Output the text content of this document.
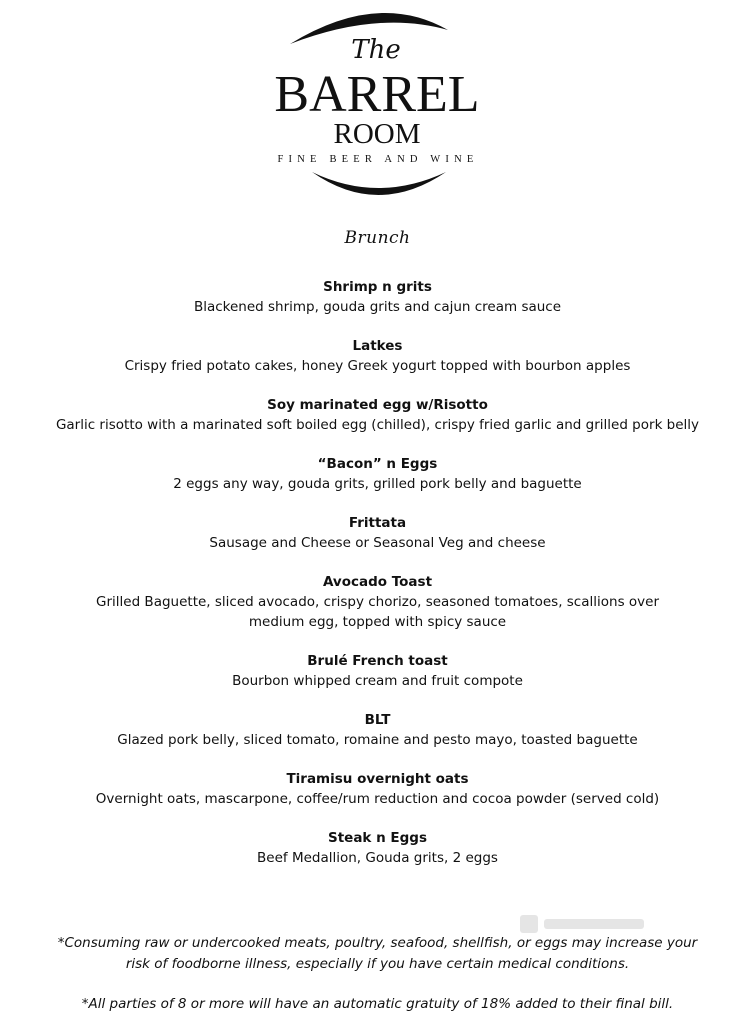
The
BARREL
ROOM
FINE BEER AND WINE
Brunch
Shrimp n grits
Blackened shrimp, gouda grits and cajun cream sauce
Latkes
Crispy fried potato cakes, honey Greek yogurt topped with bourbon apples
Soy marinated egg w/Risotto
Garlic risotto with a marinated soft boiled egg (chilled), crispy fried garlic and grilled pork belly
“Bacon” n Eggs
2 eggs any way, gouda grits, grilled pork belly and baguette
Frittata
Sausage and Cheese or Seasonal Veg and cheese
Avocado Toast
Grilled Baguette, sliced avocado, crispy chorizo, seasoned tomatoes, scallions over medium egg, topped with spicy sauce
Brulé French toast
Bourbon whipped cream and fruit compote
BLT
Glazed pork belly, sliced tomato, romaine and pesto mayo, toasted baguette
Tiramisu overnight oats
Overnight oats, mascarpone, coffee/rum reduction and cocoa powder (served cold)
Steak n Eggs
Beef Medallion, Gouda grits, 2 eggs
*Consuming raw or undercooked meats, poultry, seafood, shellfish, or eggs may increase your risk of foodborne illness, especially if you have certain medical conditions.
*All parties of 8 or more will have an automatic gratuity of 18% added to their final bill.
